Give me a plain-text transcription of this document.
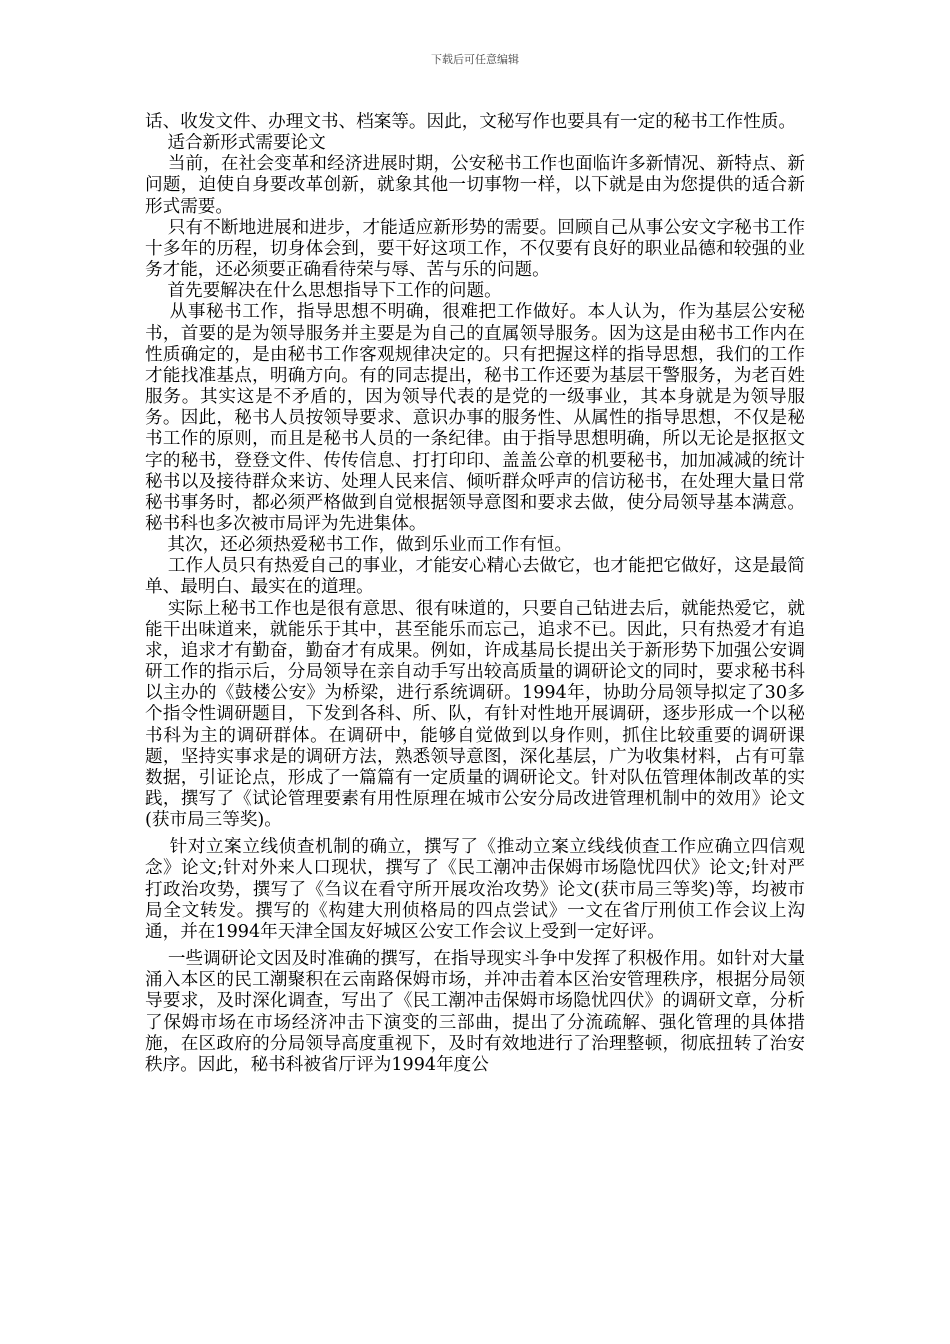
下载后可任意编辑

话、收发文件、办理文书、档案等。因此，文秘写作也要具有一定的秘书工作性质。

适合新形式需要论文

当前，在社会变革和经济进展时期，公安秘书工作也面临许多新情况、新特点、新问题，迫使自身要改革创新，就象其他一切事物一样，以下就是由为您提供的适合新形式需要。

只有不断地进展和进步，才能适应新形势的需要。回顾自己从事公安文字秘书工作十多年的历程，切身体会到，要干好这项工作，不仅要有良好的职业品德和较强的业务才能，还必须要正确看待荣与辱、苦与乐的问题。

首先要解决在什么思想指导下工作的问题。

从事秘书工作，指导思想不明确，很难把工作做好。本人认为，作为基层公安秘书，首要的是为领导服务并主要是为自己的直属领导服务。因为这是由秘书工作内在性质确定的，是由秘书工作客观规律决定的。只有把握这样的指导思想，我们的工作才能找准基点，明确方向。有的同志提出，秘书工作还要为基层干警服务，为老百姓服务。其实这是不矛盾的，因为领导代表的是党的一级事业，其本身就是为领导服务。因此，秘书人员按领导要求、意识办事的服务性、从属性的指导思想，不仅是秘书工作的原则，而且是秘书人员的一条纪律。由于指导思想明确，所以无论是抠抠文字的秘书，登登文件、传传信息、打打印印、盖盖公章的机要秘书，加加减减的统计秘书以及接待群众来访、处理人民来信、倾听群众呼声的信访秘书，在处理大量日常秘书事务时，都必须严格做到自觉根据领导意图和要求去做，使分局领导基本满意。秘书科也多次被市局评为先进集体。

其次，还必须热爱秘书工作，做到乐业而工作有恒。

工作人员只有热爱自己的事业，才能安心精心去做它，也才能把它做好，这是最简单、最明白、最实在的道理。

实际上秘书工作也是很有意思、很有味道的，只要自己钻进去后，就能热爱它，就能干出味道来，就能乐于其中，甚至能乐而忘己，追求不已。因此，只有热爱才有追求，追求才有勤奋，勤奋才有成果。例如，许成基局长提出关于新形势下加强公安调研工作的指示后，分局领导在亲自动手写出较高质量的调研论文的同时，要求秘书科以主办的《鼓楼公安》为桥梁，进行系统调研。1994年，协助分局领导拟定了30多个指令性调研题目，下发到各科、所、队，有针对性地开展调研，逐步形成一个以秘书科为主的调研群体。在调研中，能够自觉做到以身作则，抓住比较重要的调研课题，坚持实事求是的调研方法，熟悉领导意图，深化基层，广为收集材料，占有可靠数据，引证论点，形成了一篇篇有一定质量的调研论文。针对队伍管理体制改革的实践，撰写了《试论管理要素有用性原理在城市公安分局改进管理机制中的效用》论文(获市局三等奖)。

针对立案立线侦查机制的确立，撰写了《推动立案立线线侦查工作应确立四信观念》论文;针对外来人口现状，撰写了《民工潮冲击保姆市场隐忧四伏》论文;针对严打政治攻势，撰写了《刍议在看守所开展攻治攻势》论文(获市局三等奖)等，均被市局全文转发。撰写的《构建大刑侦格局的四点尝试》一文在省厅刑侦工作会议上沟通，并在1994年天津全国友好城区公安工作会议上受到一定好评。

一些调研论文因及时准确的撰写，在指导现实斗争中发挥了积极作用。如针对大量涌入本区的民工潮聚积在云南路保姆市场，并冲击着本区治安管理秩序，根据分局领导要求，及时深化调查，写出了《民工潮冲击保姆市场隐忧四伏》的调研文章，分析了保姆市场在市场经济冲击下演变的三部曲，提出了分流疏解、强化管理的具体措施，在区政府的分局领导高度重视下，及时有效地进行了治理整顿，彻底扭转了治安秩序。因此，秘书科被省厅评为1994年度公
